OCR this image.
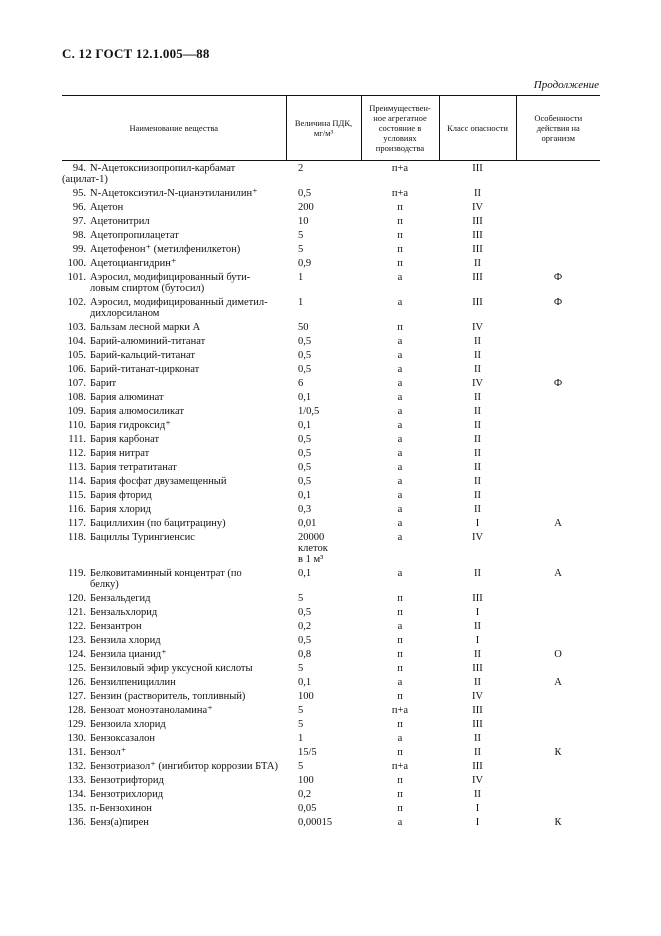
С. 12 ГОСТ 12.1.005—88
Продолжение
Наименование вещества	Величина ПДК, мг/м³	Преимуществен-ное агрегатное состояние в условиях производства	Класс опасности	Особенности действия на организм
94. N-Ацетоксиизопропил-карбамат (ацилат-1)	2	п+а	III	
95. N-Ацетоксиэтил-N-цианэтиланилин⁺	0,5	п+а	II	
96. Ацетон	200	п	IV	
97. Ацетонитрил	10	п	III	
98. Ацетопропилацетат	5	п	III	
99. Ацетофенон⁺ (метилфенилкетон)	5	п	III	
100. Ацетоциангидрин⁺	0,9	п	II	
101. Аэросил, модифицированный бути-
ловым спиртом (бутосил)	1	а	III	Ф
102. Аэросил, модифицированный диметил-
дихлорсиланом	1	а	III	Ф
103. Бальзам лесной марки А	50	п	IV	
104. Барий-алюминий-титанат	0,5	а	II	
105. Барий-кальций-титанат	0,5	а	II	
106. Барий-титанат-цирконат	0,5	а	II	
107. Барит	6	а	IV	Ф
108. Бария алюминат	0,1	а	II	
109. Бария алюмосиликат	1/0,5	а	II	
110. Бария гидроксид⁺	0,1	а	II	
111. Бария карбонат	0,5	а	II	
112. Бария нитрат	0,5	а	II	
113. Бария тетратитанат	0,5	а	II	
114. Бария фосфат двузамещенный	0,5	а	II	
115. Бария фторид	0,1	а	II	
116. Бария хлорид	0,3	а	II	
117. Бациллихин (по бацитрацину)	0,01	а	I	А
118. Бациллы Турингиенсис	20000
клеток
в 1 м³	а	IV	
119. Белковитаминный концентрат (по
белку)	0,1	а	II	А
120. Бензальдегид	5	п	III	
121. Бензальхлорид	0,5	п	I	
122. Бензантрон	0,2	а	II	
123. Бензила хлорид	0,5	п	I	
124. Бензила цианид⁺	0,8	п	II	О
125. Бензиловый эфир уксусной кислоты	5	п	III	
126. Бензилпенициллин	0,1	а	II	А
127. Бензин (растворитель, топливный)	100	п	IV	
128. Бензоат моноэтаноламина⁺	5	п+а	III	
129. Бензоила хлорид	5	п	III	
130. Бензоксазалон	1	а	II	
131. Бензол⁺	15/5	п	II	К
132. Бензотриазол⁺ (ингибитор коррозии БТА)	5	п+а	III	
133. Бензотрифторид	100	п	IV	
134. Бензотрихлорид	0,2	п	II	
135. п-Бензохинон	0,05	п	I	
136. Бенз(а)пирен	0,00015	а	I	К
